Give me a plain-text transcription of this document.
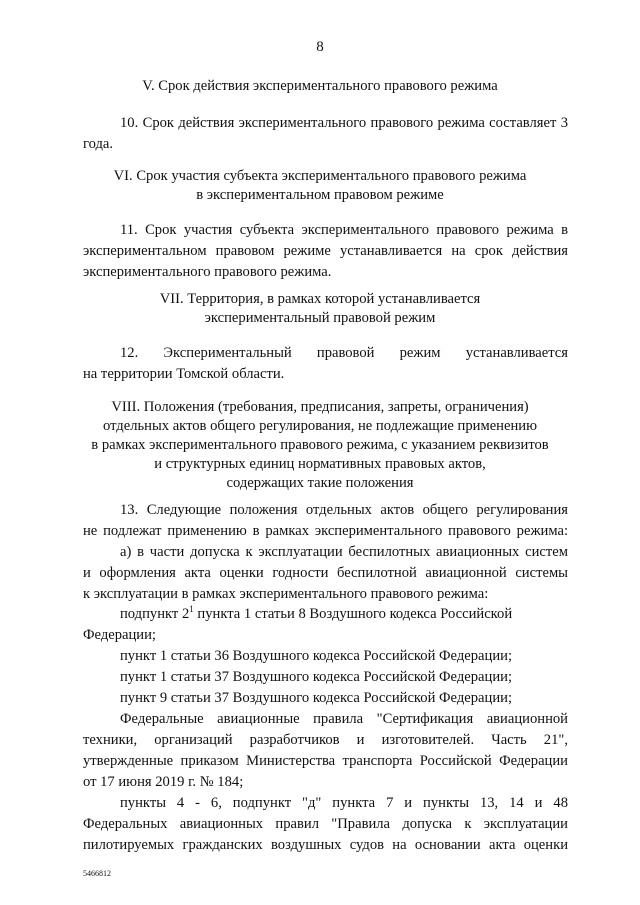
8
V. Срок действия экспериментального правового режима
10. Срок действия экспериментального правового режима составляет 3 года.
VI. Срок участия субъекта экспериментального правового режима
в экспериментальном правовом режиме
11. Срок участия субъекта экспериментального правового режима в экспериментальном правовом режиме устанавливается на срок действия экспериментального правового режима.
VII. Территория, в рамках которой устанавливается
экспериментальный правовой режим
12. Экспериментальный правовой режим устанавливается
на территории Томской области.
VIII. Положения (требования, предписания, запреты, ограничения)
отдельных актов общего регулирования, не подлежащие применению
в рамках экспериментального правового режима, с указанием реквизитов
и структурных единиц нормативных правовых актов,
содержащих такие положения
13. Следующие положения отдельных актов общего регулирования
не подлежат применению в рамках экспериментального правового режима:
а) в части допуска к эксплуатации беспилотных авиационных систем
и оформления акта оценки годности беспилотной авиационной системы
к эксплуатации в рамках экспериментального правового режима:
подпункт $2^1$ пункта 1 статьи 8 Воздушного кодекса Российской
Федерации;
пункт 1 статьи 36 Воздушного кодекса Российской Федерации;
пункт 1 статьи 37 Воздушного кодекса Российской Федерации;
пункт 9 статьи 37 Воздушного кодекса Российской Федерации;
Федеральные авиационные правила "Сертификация авиационной
техники, организаций разработчиков и изготовителей. Часть 21",
утвержденные приказом Министерства транспорта Российской Федерации
от 17 июня 2019 г. № 184;
пункты 4 - 6, подпункт "д" пункта 7 и пункты 13, 14 и 48
Федеральных авиационных правил "Правила допуска к эксплуатации
пилотируемых гражданских воздушных судов на основании акта оценки
5466812
